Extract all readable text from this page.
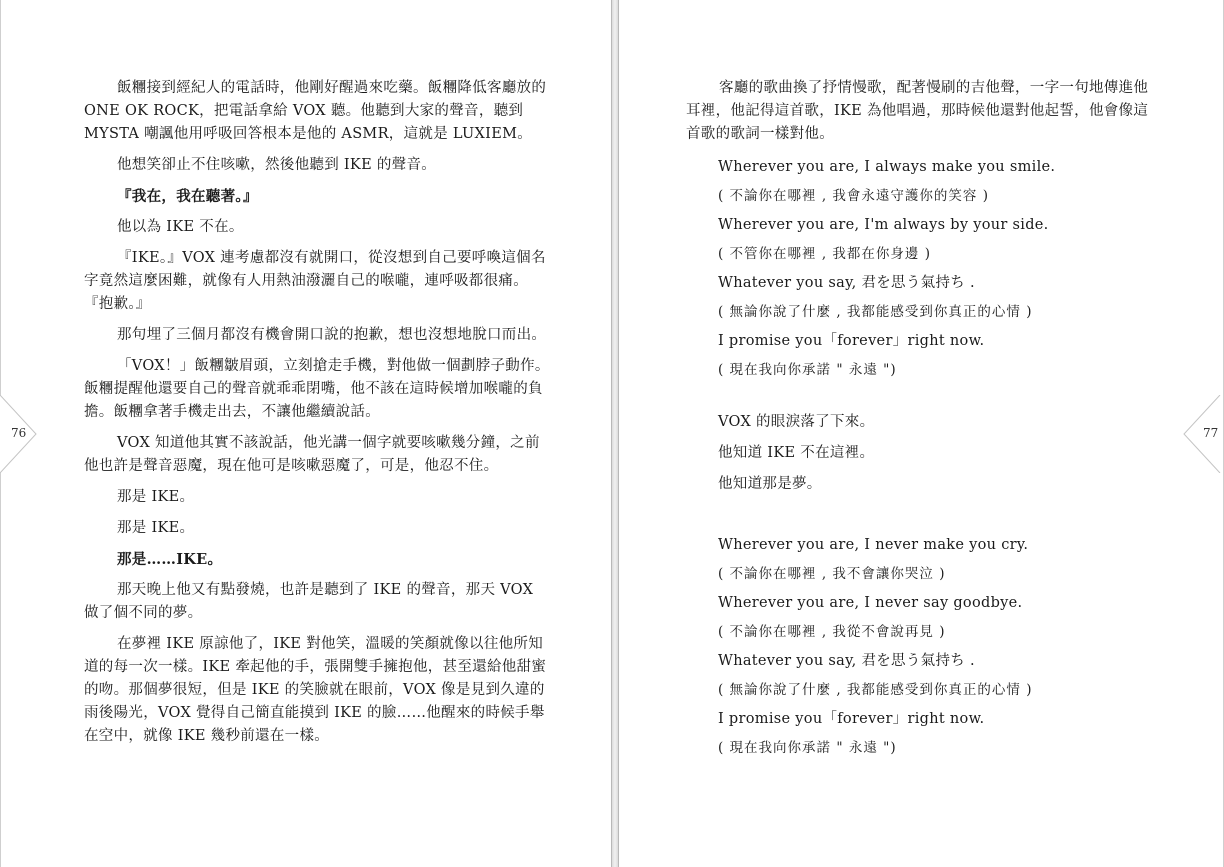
飯糰接到經紀人的電話時，他剛好醒過來吃藥。飯糰降低客廳放的 ONE OK ROCK，把電話拿給 VOX 聽。他聽到大家的聲音，聽到 MYSTA 嘲諷他用呼吸回答根本是他的 ASMR，這就是 LUXIEM。

他想笑卻止不住咳嗽，然後他聽到 IKE 的聲音。

『我在，我在聽著。』

他以為 IKE 不在。

『IKE。』VOX 連考慮都沒有就開口，從沒想到自己要呼喚這個名字竟然這麼困難，就像有人用熱油潑灑自己的喉嚨，連呼吸都很痛。『抱歉。』

那句埋了三個月都沒有機會開口說的抱歉，想也沒想地脫口而出。

「VOX！」飯糰皺眉頭，立刻搶走手機，對他做一個劃脖子動作。飯糰提醒他還要自己的聲音就乖乖閉嘴，他不該在這時候增加喉嚨的負擔。飯糰拿著手機走出去，不讓他繼續說話。

VOX 知道他其實不該說話，他光講一個字就要咳嗽幾分鐘，之前他也許是聲音惡魔，現在他可是咳嗽惡魔了，可是，他忍不住。

那是 IKE。

那是 IKE。

那是……IKE。

那天晚上他又有點發燒，也許是聽到了 IKE 的聲音，那天 VOX 做了個不同的夢。

在夢裡 IKE 原諒他了，IKE 對他笑，溫暖的笑顏就像以往他所知道的每一次一樣。IKE 牽起他的手，張開雙手擁抱他，甚至還給他甜蜜的吻。那個夢很短，但是 IKE 的笑臉就在眼前，VOX 像是見到久違的雨後陽光，VOX 覺得自己簡直能摸到 IKE 的臉……他醒來的時候手舉在空中，就像 IKE 幾秒前還在一樣。

客廳的歌曲換了抒情慢歌，配著慢刷的吉他聲，一字一句地傳進他耳裡，他記得這首歌，IKE 為他唱過，那時候他還對他起誓，他會像這首歌的歌詞一樣對他。

Wherever you are, I always make you smile.
( 不論你在哪裡 , 我會永遠守護你的笑容 )
Wherever you are, I'm always by your side.
( 不管你在哪裡 , 我都在你身邊 )
Whatever you say, 君を思う氣持ち .
( 無論你說了什麼 , 我都能感受到你真正的心情 )
I promise you「forever」right now.
( 現在我向你承諾 " 永遠 ")
VOX 的眼淚落了下來。
他知道 IKE 不在這裡。
他知道那是夢。
Wherever you are, I never make you cry.
( 不論你在哪裡 , 我不會讓你哭泣 )
Wherever you are, I never say goodbye.
( 不論你在哪裡 , 我從不會說再見 )
Whatever you say, 君を思う氣持ち .
( 無論你說了什麼 , 我都能感受到你真正的心情 )
I promise you「forever」right now.
( 現在我向你承諾 " 永遠 ")
76	77
